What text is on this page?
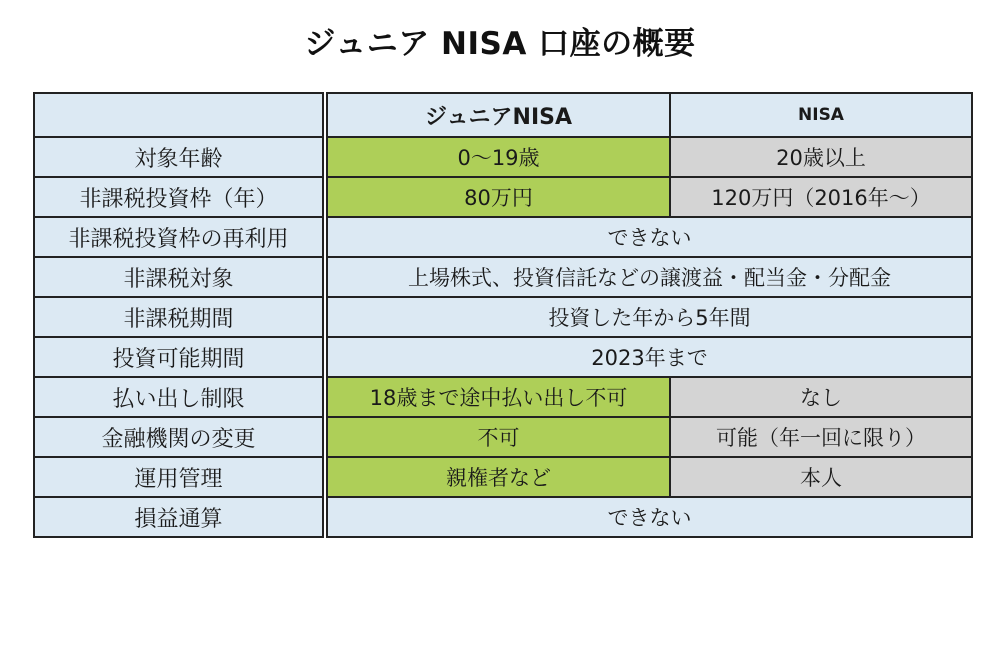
ジュニア NISA 口座の概要
	ジュニアNISA	NISA
対象年齢	0〜19歳	20歳以上
非課税投資枠（年）	80万円	120万円（2016年〜）
非課税投資枠の再利用	できない	
非課税対象	上場株式、投資信託などの譲渡益・配当金・分配金	
非課税期間	投資した年から5年間	
投資可能期間	2023年まで	
払い出し制限	18歳まで途中払い出し不可	なし
金融機関の変更	不可	可能（年一回に限り）
運用管理	親権者など	本人
損益通算	できない	
